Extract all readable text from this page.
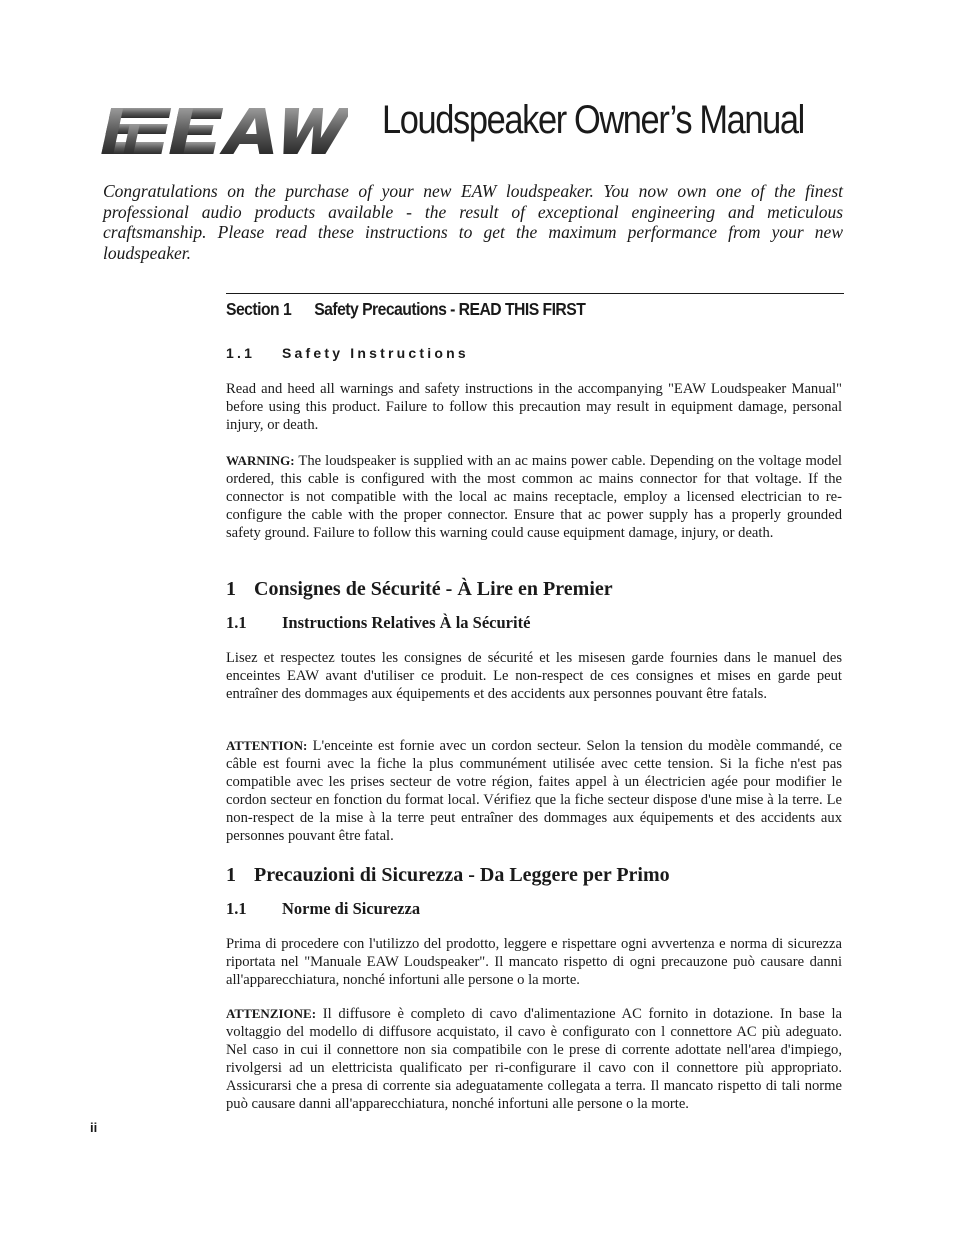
Loudspeaker Owner’s Manual

Congratulations on the purchase of your new EAW loudspeaker. You now own one of the finest professional audio products available - the result of exceptional engineering and meticulous craftsmanship. Please read these instructions to get the maximum performance from your new loudspeaker.

Section 1 Safety Precautions - READ THIS FIRST
1.1 Safety Instructions

Read and heed all warnings and safety instructions in the accompanying "EAW Loudspeaker Manual" before using this product. Failure to follow this precaution may result in equipment damage, personal injury, or death.

WARNING: The loudspeaker is supplied with an ac mains power cable. Depending on the voltage model ordered, this cable is configured with the most common ac mains connector for that voltage. If the connector is not compatible with the local ac mains receptacle, employ a licensed electrician to re-configure the cable with the proper connector. Ensure that ac power supply has a properly grounded safety ground. Failure to follow this warning could cause equipment damage, injury, or death.

1 Consignes de Sécurité - À Lire en Premier
1.1 Instructions Relatives À la Sécurité

Lisez et respectez toutes les consignes de sécurité et les misesen garde fournies dans le manuel des enceintes EAW avant d'utiliser ce produit. Le non-respect de ces consignes et mises en garde peut entraîner des dommages aux équipements et des accidents aux personnes pouvant être fatals.

ATTENTION: L'enceinte est fornie avec un cordon secteur. Selon la tension du modèle commandé, ce câble est fourni avec la fiche la plus communément utilisée avec cette tension. Si la fiche n'est pas compatible avec les prises secteur de votre région, faites appel à un électricien agée pour modifier le cordon secteur en fonction du format local. Vérifiez que la fiche secteur dispose d'une mise à la terre. Le non-respect de la mise à la terre peut entraîner des dommages aux équipements et des accidents aux personnes pouvant être fatal.

1 Precauzioni di Sicurezza - Da Leggere per Primo
1.1 Norme di Sicurezza

Prima di procedere con l'utilizzo del prodotto, leggere e rispettare ogni avvertenza e norma di sicurezza riportata nel "Manuale EAW Loudspeaker". Il mancato rispetto di ogni precauzone può causare danni all'apparecchiatura, nonché infortuni alle persone o la morte.

ATTENZIONE: Il diffusore è completo di cavo d'alimentazione AC fornito in dotazione. In base la voltaggio del modello di diffusore acquistato, il cavo è configurato con l connettore AC più adeguato. Nel caso in cui il connettore non sia compatibile con le prese di corrente adottate nell'area d'impiego, rivolgersi ad un elettricista qualificato per ri-configurare il cavo con il connettore più appropriato. Assicurarsi che a presa di corrente sia adeguatamente collegata a terra. Il mancato rispetto di tali norme può causare danni all'apparecchiatura, nonché infortuni alle persone o la morte.

ii
